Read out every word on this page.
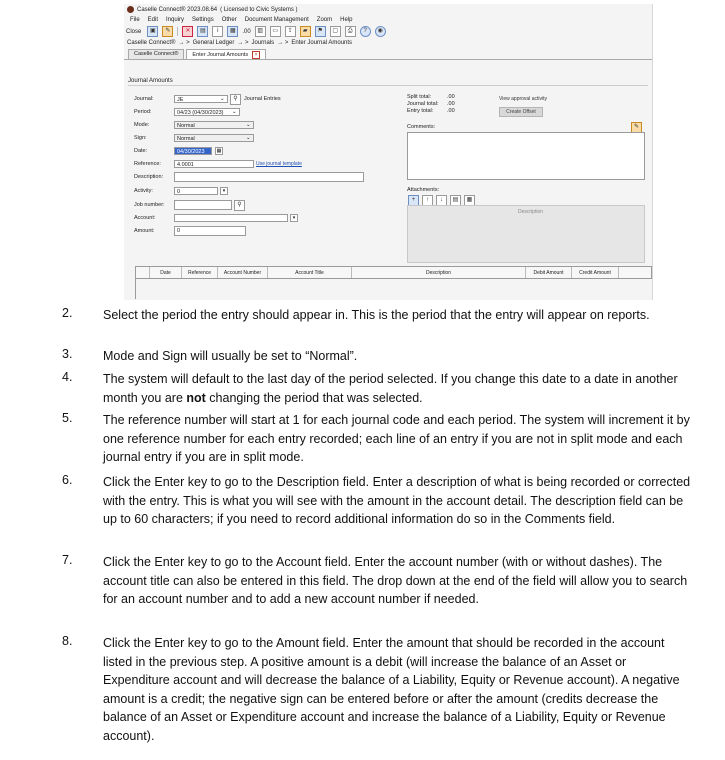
Caselle Connect® 2023.08.64 ( Licensed to Civic Systems )
File Edit Inquiry Settings Other Document Management Zoom Help
Close	▣	✎	✕	▤	i	▦	.00	▥	▭	⇪	▰	⚑	▢	⎙	?	◉
Caselle Connect® → > General Ledger → > Journals → > Enter Journal Amounts
Caselle Connect®	Enter Journal Amounts	×
Journal Amounts
Journal:	JE	⌄	⚲	Journal Entries
Period:	04/23 (04/30/2023)	⌄
Mode:	Normal	⌄
Sign:	Normal	⌄
Date:	04/30/2023	▦
Reference:	4.0001	Use journal template
Description:
Activity:	0	▾
Job number:	⚲
Account:	▾
Amount:	0
Split total:	.00
Journal total: .00
Entry total: .00
View approval activity
Create Offset
Comments:	✎
Attachments:
+	↑	↓	▤	▦
Description
Date	Reference	Account Number	Account Title	Description	Debit Amount	Credit Amount
2. Select the period the entry should appear in. This is the period that the entry will appear on reports.
3. Mode and Sign will usually be set to “Normal”.
4. The system will default to the last day of the period selected. If you change this date to a date in another month you are not changing the period that was selected.
5. The reference number will start at 1 for each journal code and each period. The system will increment it by one reference number for each entry recorded; each line of an entry if you are not in split mode and each journal entry if you are in split mode.
6. Click the Enter key to go to the Description field. Enter a description of what is being recorded or corrected with the entry. This is what you will see with the amount in the account detail. The description field can be up to 60 characters; if you need to record additional information do so in the Comments field.
7. Click the Enter key to go to the Account field. Enter the account number (with or without dashes). The account title can also be entered in this field. The drop down at the end of the field will allow you to search for an account number and to add a new account number if needed.
8. Click the Enter key to go to the Amount field. Enter the amount that should be recorded in the account listed in the previous step. A positive amount is a debit (will increase the balance of an Asset or Expenditure account and will decrease the balance of a Liability, Equity or Revenue account). A negative amount is a credit; the negative sign can be entered before or after the amount (credits decrease the balance of an Asset or Expenditure account and increase the balance of a Liability, Equity or Revenue account).
